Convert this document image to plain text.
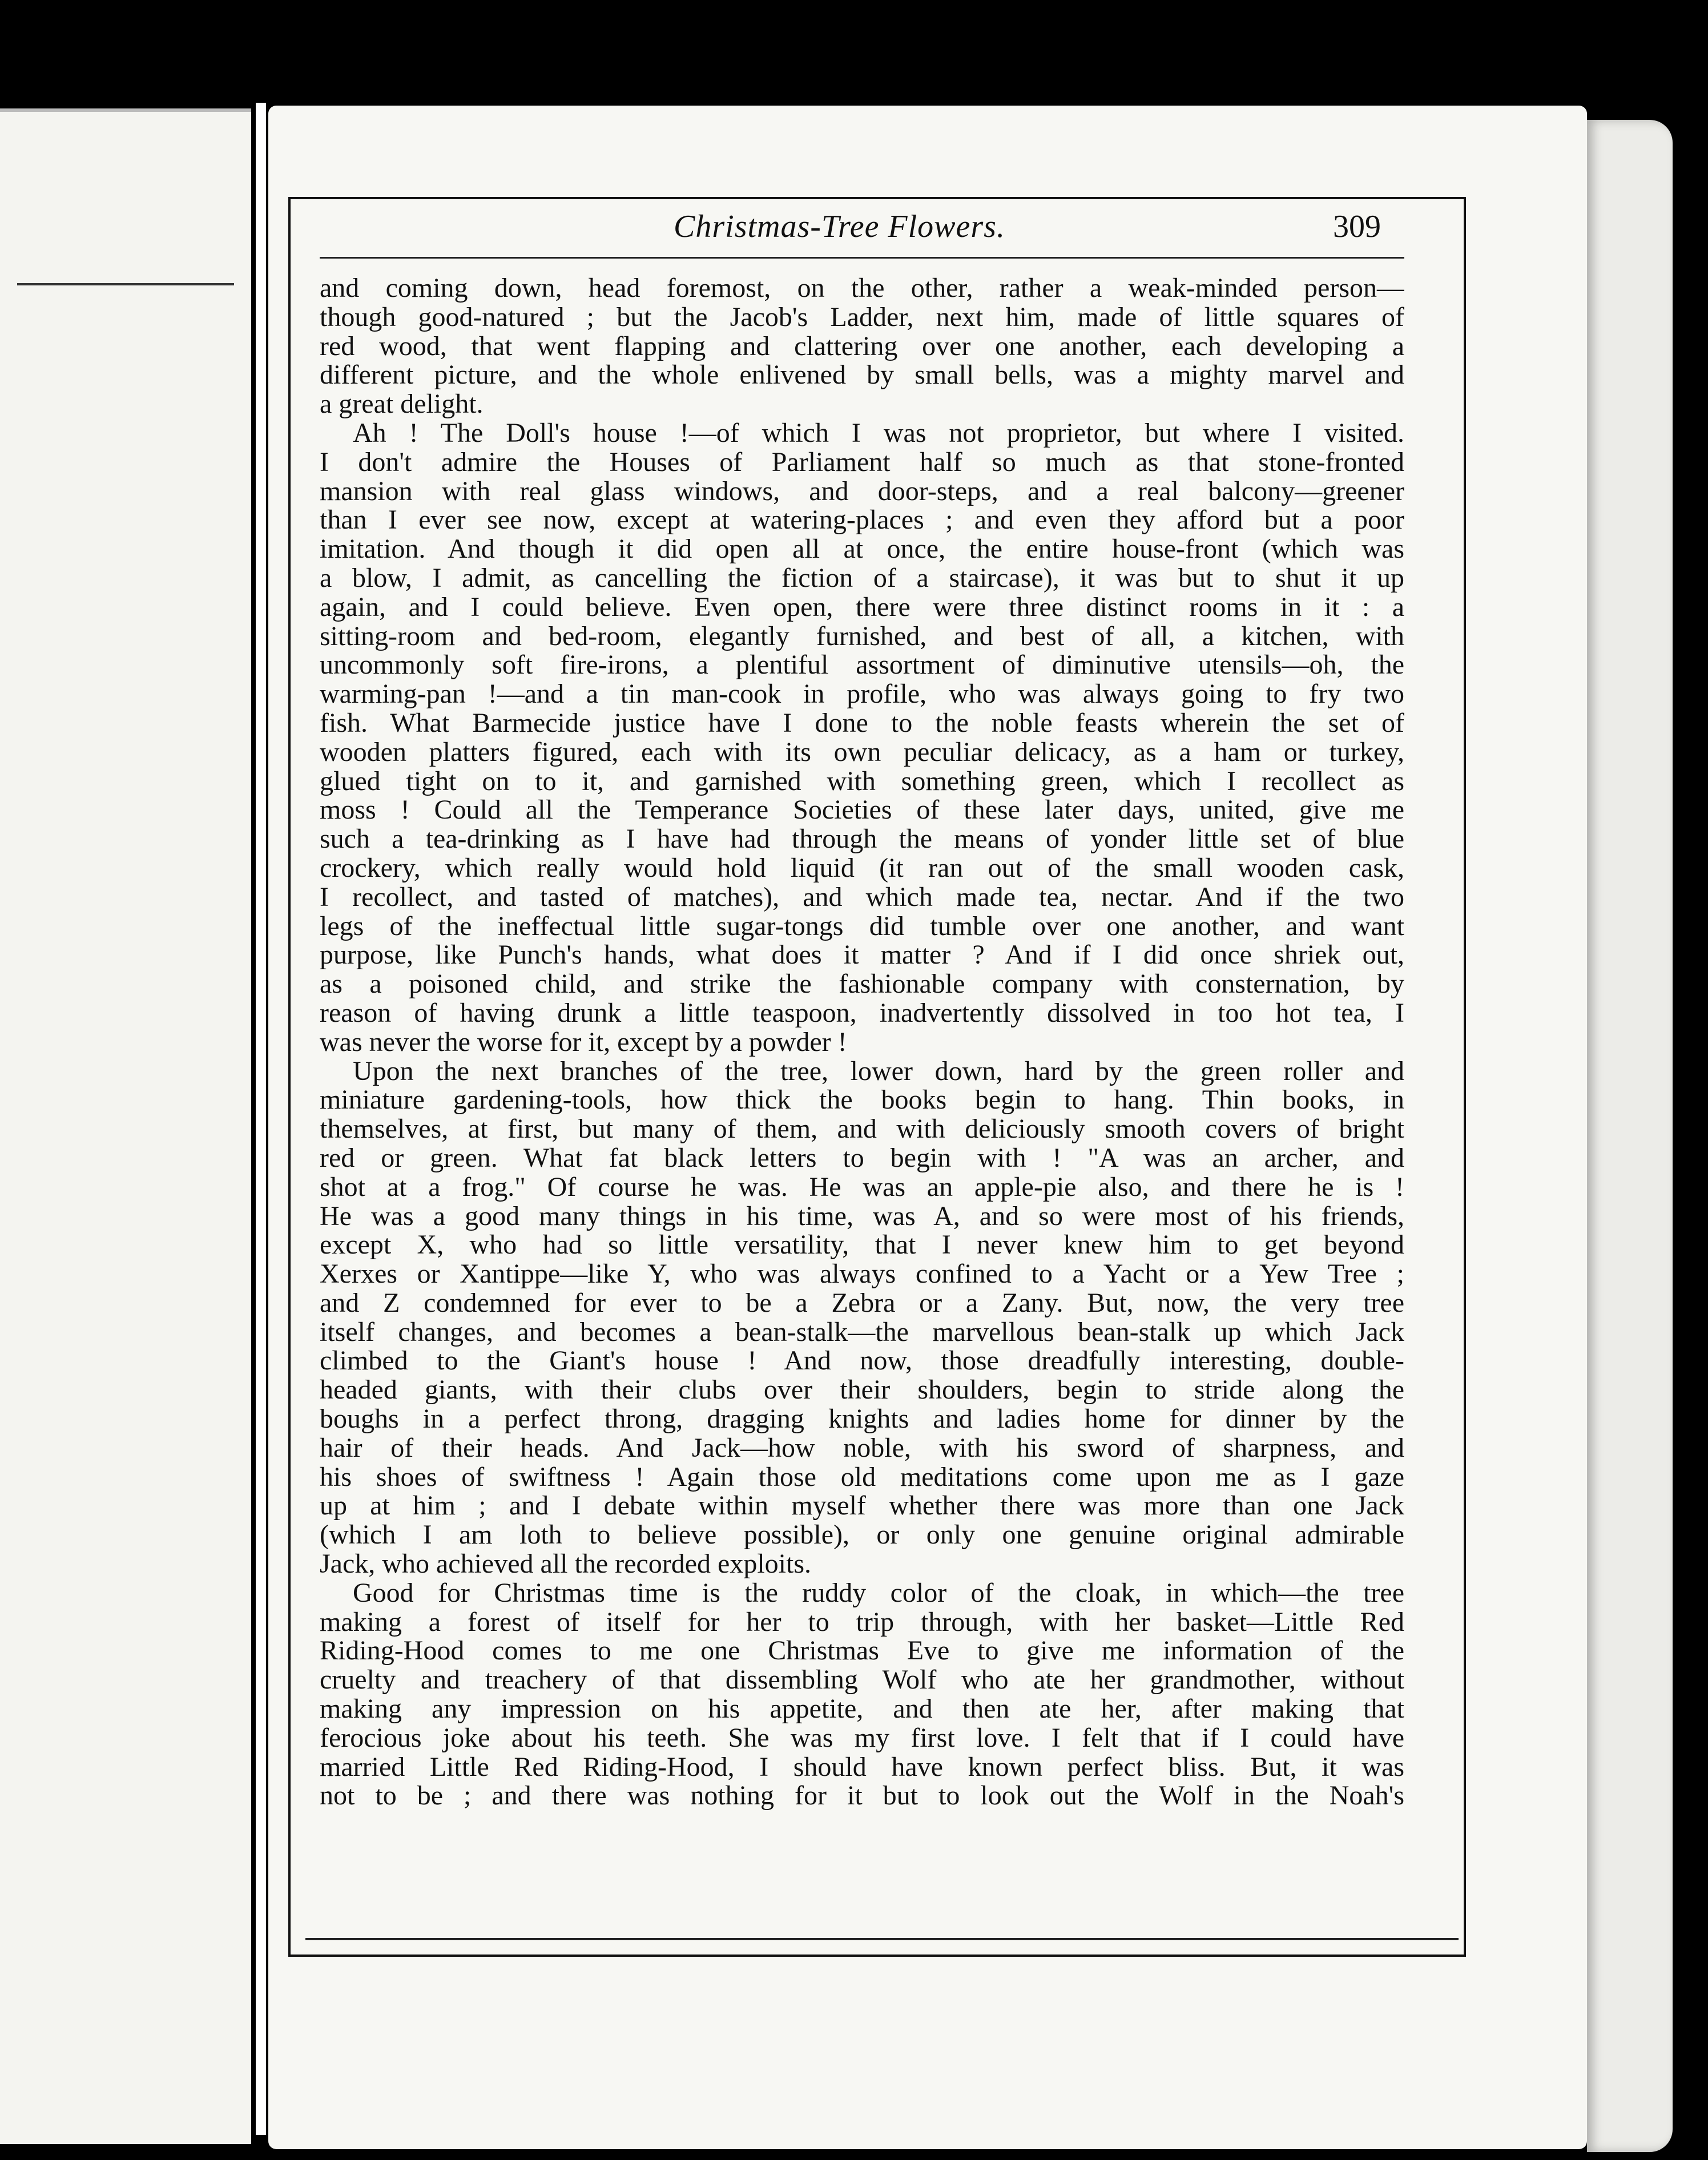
Christmas-Tree Flowers.	309
and coming down, head foremost, on the other, rather a weak-minded person—
though good-natured ; but the Jacob's Ladder, next him, made of little squares of
red wood, that went flapping and clattering over one another, each developing a
different picture, and the whole enlivened by small bells, was a mighty marvel and
a great delight.
Ah ! The Doll's house !—of which I was not proprietor, but where I visited.
I don't admire the Houses of Parliament half so much as that stone-fronted
mansion with real glass windows, and door-steps, and a real balcony—greener
than I ever see now, except at watering-places ; and even they afford but a poor
imitation. And though it did open all at once, the entire house-front (which was
a blow, I admit, as cancelling the fiction of a staircase), it was but to shut it up
again, and I could believe. Even open, there were three distinct rooms in it : a
sitting-room and bed-room, elegantly furnished, and best of all, a kitchen, with
uncommonly soft fire-irons, a plentiful assortment of diminutive utensils—oh, the
warming-pan !—and a tin man-cook in profile, who was always going to fry two
fish. What Barmecide justice have I done to the noble feasts wherein the set of
wooden platters figured, each with its own peculiar delicacy, as a ham or turkey,
glued tight on to it, and garnished with something green, which I recollect as
moss ! Could all the Temperance Societies of these later days, united, give me
such a tea-drinking as I have had through the means of yonder little set of blue
crockery, which really would hold liquid (it ran out of the small wooden cask,
I recollect, and tasted of matches), and which made tea, nectar. And if the two
legs of the ineffectual little sugar-tongs did tumble over one another, and want
purpose, like Punch's hands, what does it matter ? And if I did once shriek out,
as a poisoned child, and strike the fashionable company with consternation, by
reason of having drunk a little teaspoon, inadvertently dissolved in too hot tea, I
was never the worse for it, except by a powder !
Upon the next branches of the tree, lower down, hard by the green roller and
miniature gardening-tools, how thick the books begin to hang. Thin books, in
themselves, at first, but many of them, and with deliciously smooth covers of bright
red or green. What fat black letters to begin with ! "A was an archer, and
shot at a frog." Of course he was. He was an apple-pie also, and there he is !
He was a good many things in his time, was A, and so were most of his friends,
except X, who had so little versatility, that I never knew him to get beyond
Xerxes or Xantippe—like Y, who was always confined to a Yacht or a Yew Tree ;
and Z condemned for ever to be a Zebra or a Zany. But, now, the very tree
itself changes, and becomes a bean-stalk—the marvellous bean-stalk up which Jack
climbed to the Giant's house ! And now, those dreadfully interesting, double-
headed giants, with their clubs over their shoulders, begin to stride along the
boughs in a perfect throng, dragging knights and ladies home for dinner by the
hair of their heads. And Jack—how noble, with his sword of sharpness, and
his shoes of swiftness ! Again those old meditations come upon me as I gaze
up at him ; and I debate within myself whether there was more than one Jack
(which I am loth to believe possible), or only one genuine original admirable
Jack, who achieved all the recorded exploits.
Good for Christmas time is the ruddy color of the cloak, in which—the tree
making a forest of itself for her to trip through, with her basket—Little Red
Riding-Hood comes to me one Christmas Eve to give me information of the
cruelty and treachery of that dissembling Wolf who ate her grandmother, without
making any impression on his appetite, and then ate her, after making that
ferocious joke about his teeth. She was my first love. I felt that if I could have
married Little Red Riding-Hood, I should have known perfect bliss. But, it was
not to be ; and there was nothing for it but to look out the Wolf in the Noah's
